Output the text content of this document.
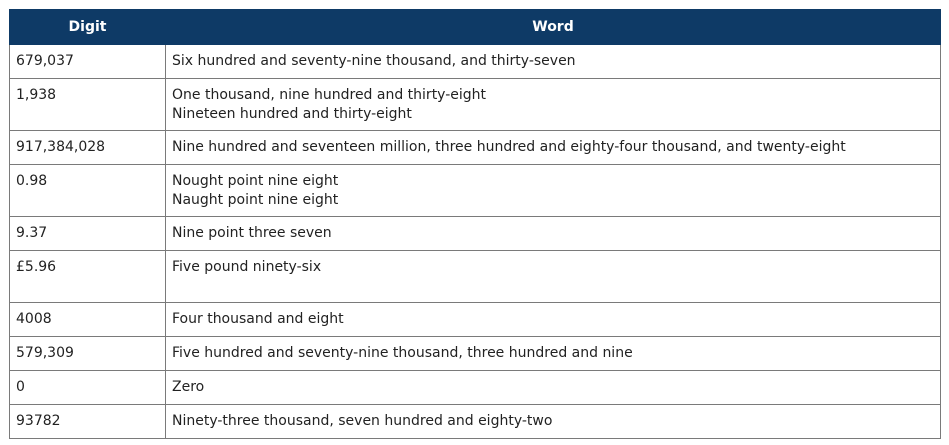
Digit	Word
679,037	Six hundred and seventy-nine thousand, and thirty-seven

1,938	One thousand, nine hundred and thirty-eight
Nineteen hundred and thirty-eight

917,384,028	Nine hundred and seventeen million, three hundred and eighty-four thousand, and twenty-eight

0.98	Nought point nine eight
Naught point nine eight

9.37	Nine point three seven

£5.96	Five pound ninety-six

4008	Four thousand and eight

579,309	Five hundred and seventy-nine thousand, three hundred and nine

0	Zero

93782	Ninety-three thousand, seven hundred and eighty-two
